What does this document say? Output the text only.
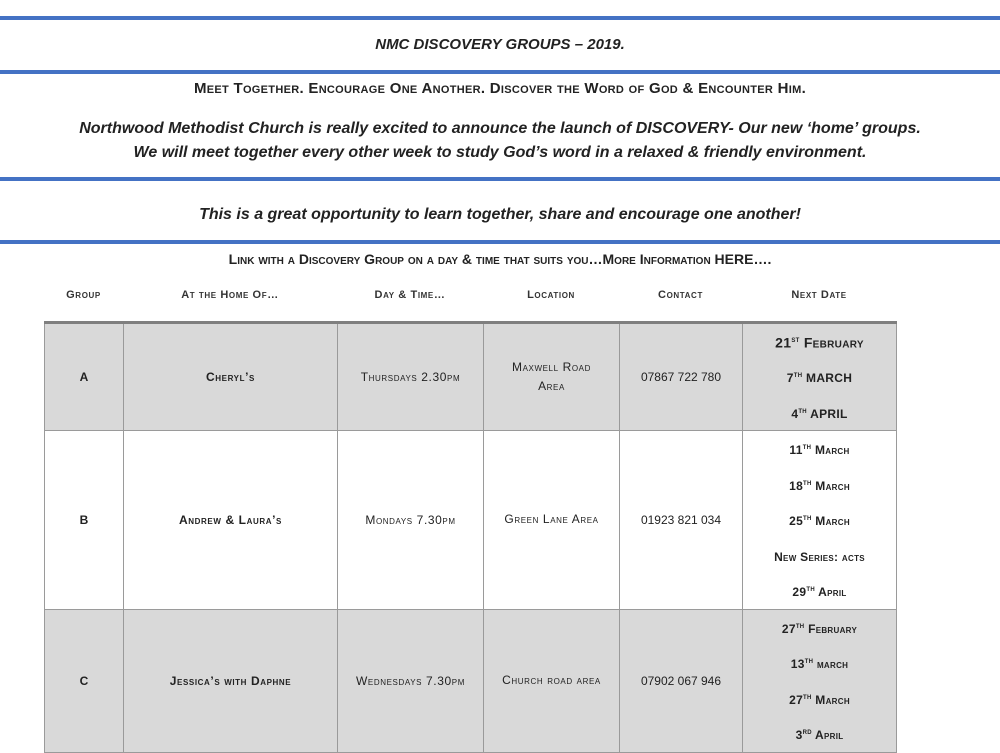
NMC DISCOVERY GROUPS – 2019.
Meet Together. Encourage One Another. Discover the Word of God & Encounter Him.
Northwood Methodist Church is really excited to announce the launch of DISCOVERY- Our new ‘home’ groups.
We will meet together every other week to study God’s word in a relaxed & friendly environment.
This is a great opportunity to learn together, share and encourage one another!
Link with a Discovery Group on a day & time that suits you…More Information HERE….
Group	At the Home Of…	Day & Time…	Location	Contact	Next Date
A	Cheryl’s	Thursdays 2.30pm	Maxwell Road Area	07867 722 780	21st February
7th MARCH
4th APRIL

B	Andrew & Laura’s	Mondays 7.30pm	Green Lane Area	01923 821 034	11th March
18th March
25th March
New Series: acts
29th April

C	Jessica’s with Daphne	Wednesdays 7.30pm	Church road area	07902 067 946	27th February
13th march
27th March
3rd April
